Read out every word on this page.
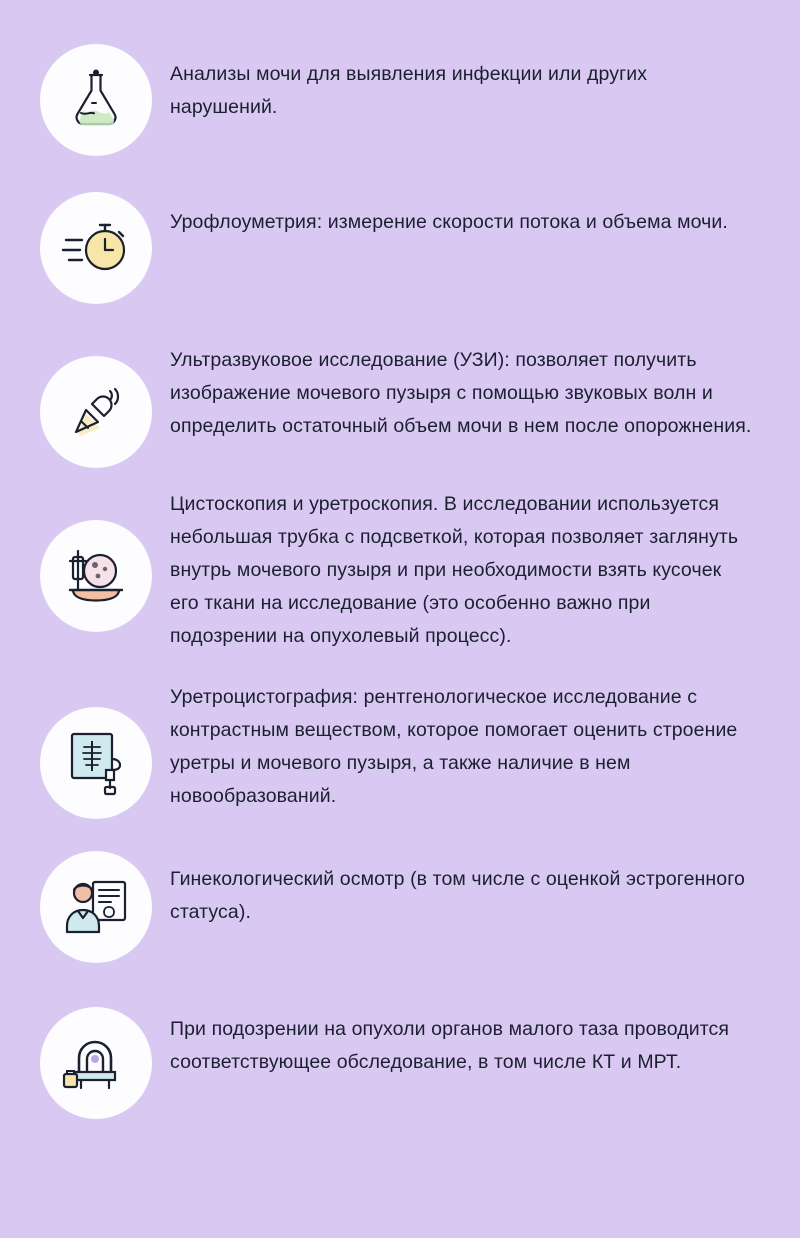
Анализы мочи для выявления инфекции или других нарушений.
Урофлоуметрия: измерение скорости потока и объема мочи.
Ультразвуковое исследование (УЗИ): позволяет получить изображение мочевого пузыря с помощью звуковых волн и определить остаточный объем мочи в нем после опорожнения.
Цистоскопия и уретроскопия. В исследовании используется небольшая трубка с подсветкой, которая позволяет заглянуть внутрь мочевого пузыря и при необходимости взять кусочек его ткани на исследование (это особенно важно при подозрении на опухолевый процесс).
Уретроцистография: рентгенологическое исследование с контрастным веществом, которое помогает оценить строение уретры и мочевого пузыря, а также наличие в нем новообразований.
Гинекологический осмотр (в том числе с оценкой эстрогенного статуса).
При подозрении на опухоли органов малого таза проводится соответствующее обследование, в том числе КТ и МРТ.
